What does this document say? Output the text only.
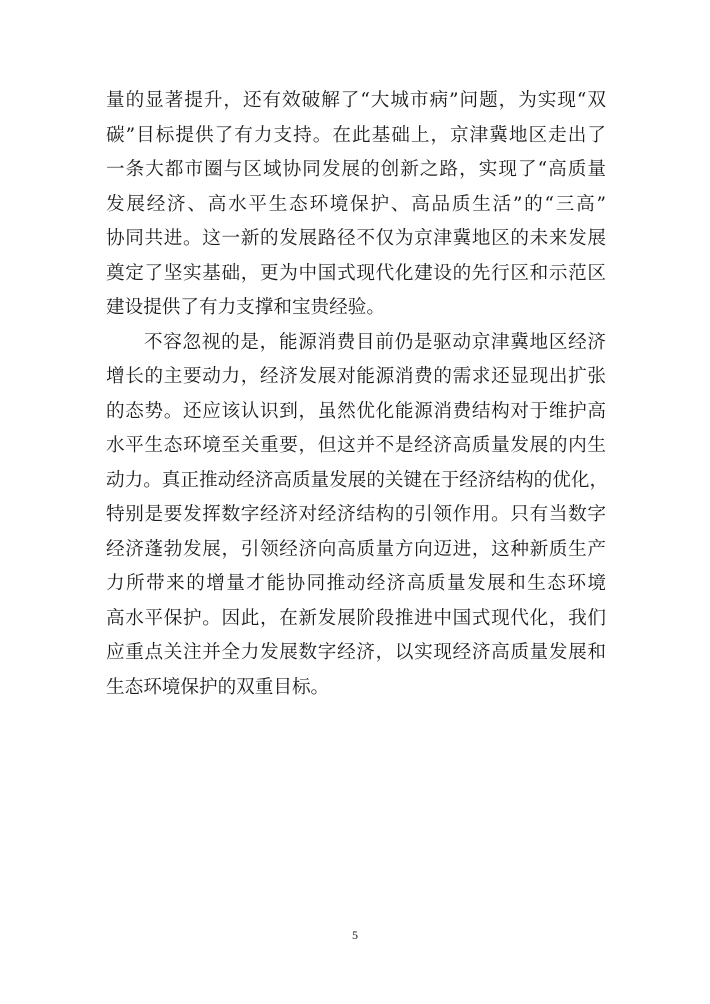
量的显著提升，还有效破解了“大城市病”问题，为实现“双
碳”目标提供了有力支持。在此基础上，京津冀地区走出了
一条大都市圈与区域协同发展的创新之路，实现了“高质量
发展经济、高水平生态环境保护、高品质生活”的“三高”
协同共进。这一新的发展路径不仅为京津冀地区的未来发展
奠定了坚实基础，更为中国式现代化建设的先行区和示范区
建设提供了有力支撑和宝贵经验。
不容忽视的是，能源消费目前仍是驱动京津冀地区经济
增长的主要动力，经济发展对能源消费的需求还显现出扩张
的态势。还应该认识到，虽然优化能源消费结构对于维护高
水平生态环境至关重要，但这并不是经济高质量发展的内生
动力。真正推动经济高质量发展的关键在于经济结构的优化，
特别是要发挥数字经济对经济结构的引领作用。只有当数字
经济蓬勃发展，引领经济向高质量方向迈进，这种新质生产
力所带来的增量才能协同推动经济高质量发展和生态环境
高水平保护。因此，在新发展阶段推进中国式现代化，我们
应重点关注并全力发展数字经济，以实现经济高质量发展和
生态环境保护的双重目标。
5
